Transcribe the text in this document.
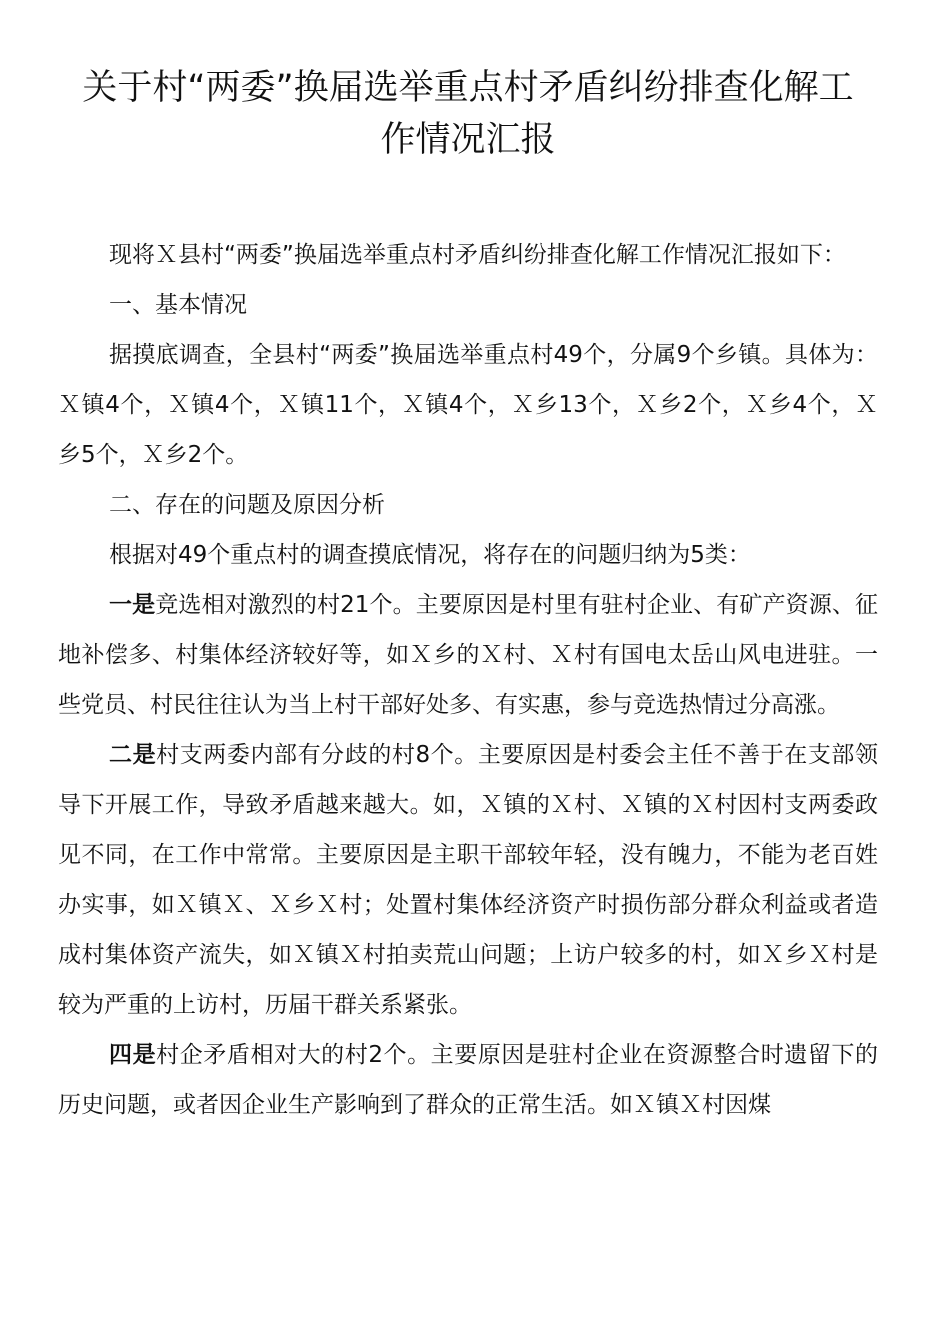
关于村“两委”换届选举重点村矛盾纠纷排查化解工
作情况汇报

现将Ｘ县村“两委”换届选举重点村矛盾纠纷排查化解工作情况汇报如下：

一、基本情况

据摸底调查，全县村“两委”换届选举重点村49个，分属9个乡镇。具体为：Ｘ镇4个，Ｘ镇4个，Ｘ镇11个，Ｘ镇4个，Ｘ乡13个，Ｘ乡2个，Ｘ乡4个，Ｘ乡5个，Ｘ乡2个。

二、存在的问题及原因分析

根据对49个重点村的调查摸底情况，将存在的问题归纳为5类：

一是竞选相对激烈的村21个。主要原因是村里有驻村企业、有矿产资源、征地补偿多、村集体经济较好等，如Ｘ乡的Ｘ村、Ｘ村有国电太岳山风电进驻。一些党员、村民往往认为当上村干部好处多、有实惠，参与竞选热情过分高涨。

二是村支两委内部有分歧的村8个。主要原因是村委会主任不善于在支部领导下开展工作，导致矛盾越来越大。如，Ｘ镇的Ｘ村、Ｘ镇的Ｘ村因村支两委政见不同，在工作中常常。主要原因是主职干部较年轻，没有魄力，不能为老百姓办实事，如Ｘ镇Ｘ、Ｘ乡Ｘ村；处置村集体经济资产时损伤部分群众利益或者造成村集体资产流失，如Ｘ镇Ｘ村拍卖荒山问题；上访户较多的村，如Ｘ乡Ｘ村是较为严重的上访村，历届干群关系紧张。

四是村企矛盾相对大的村2个。主要原因是驻村企业在资源整合时遗留下的历史问题，或者因企业生产影响到了群众的正常生活。如Ｘ镇Ｘ村因煤
